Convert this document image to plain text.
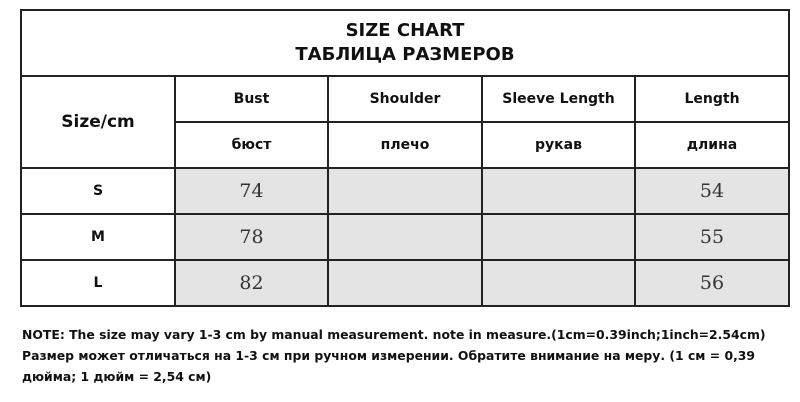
SIZE CHART
ТАБЛИЦА РАЗМЕРОВ				

Size/cm	Bust	Shoulder	Sleeve Length	Length
	бюст	плечо	рукав	длина
S	74			54
M	78			55
L	82			56
NOTE: The size may vary 1-3 cm by manual measurement. note in measure.(1cm=0.39inch;1inch=2.54cm)
Размер может отличаться на 1-3 см при ручном измерении. Обратите внимание на меру. (1 см = 0,39
дюйма; 1 дюйм = 2,54 см)
